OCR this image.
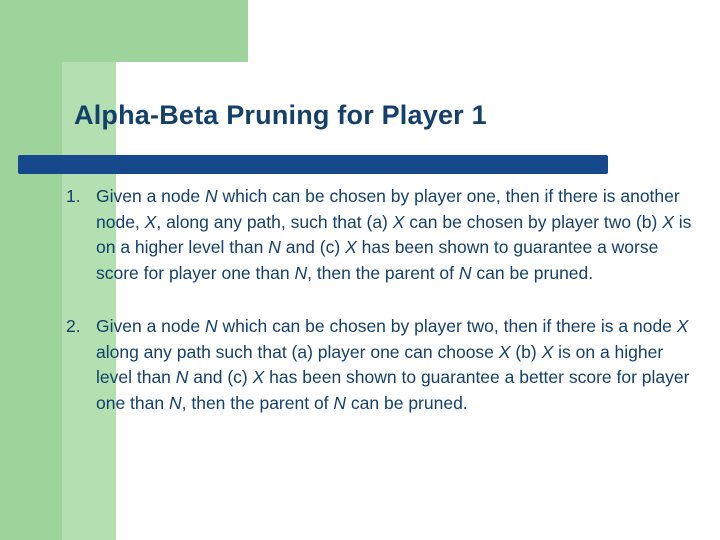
Alpha-Beta Pruning for Player 1
1. Given a node N which can be chosen by player one, then if there is another node, X, along any path, such that (a) X can be chosen by player two (b) X is on a higher level than N and (c) X has been shown to guarantee a worse score for player one than N, then the parent of N can be pruned.
2. Given a node N which can be chosen by player two, then if there is a node X along any path such that (a) player one can choose X (b) X is on a higher level than N and (c) X has been shown to guarantee a better score for player one than N, then the parent of N can be pruned.
